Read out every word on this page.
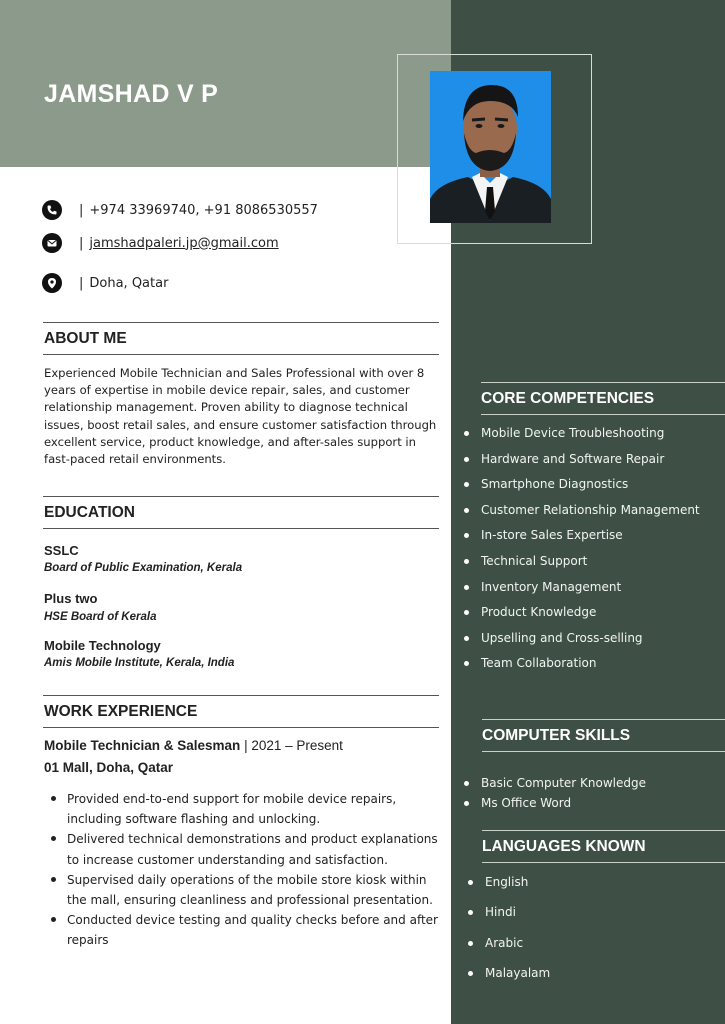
JAMSHAD V P
| +974 33969740, +91 8086530557
| jamshadpaleri.jp@gmail.com
| Doha, Qatar
ABOUT ME
Experienced Mobile Technician and Sales Professional with over 8 years of expertise in mobile device repair, sales, and customer relationship management. Proven ability to diagnose technical issues, boost retail sales, and ensure customer satisfaction through excellent service, product knowledge, and after-sales support in fast-paced retail environments.
EDUCATION
SSLC
Board of Public Examination, Kerala
Plus two
HSE Board of Kerala
Mobile Technology
Amis Mobile Institute, Kerala, India
WORK EXPERIENCE
Mobile Technician & Salesman | 2021 – Present
01 Mall, Doha, Qatar
Provided end-to-end support for mobile device repairs, including software flashing and unlocking.
Delivered technical demonstrations and product explanations to increase customer understanding and satisfaction.
Supervised daily operations of the mobile store kiosk within the mall, ensuring cleanliness and professional presentation.
Conducted device testing and quality checks before and after repairs
CORE COMPETENCIES
Mobile Device Troubleshooting
Hardware and Software Repair
Smartphone Diagnostics
Customer Relationship Management
In-store Sales Expertise
Technical Support
Inventory Management
Product Knowledge
Upselling and Cross-selling
Team Collaboration
COMPUTER SKILLS
Basic Computer Knowledge
Ms Office Word
LANGUAGES KNOWN
English
Hindi
Arabic
Malayalam
